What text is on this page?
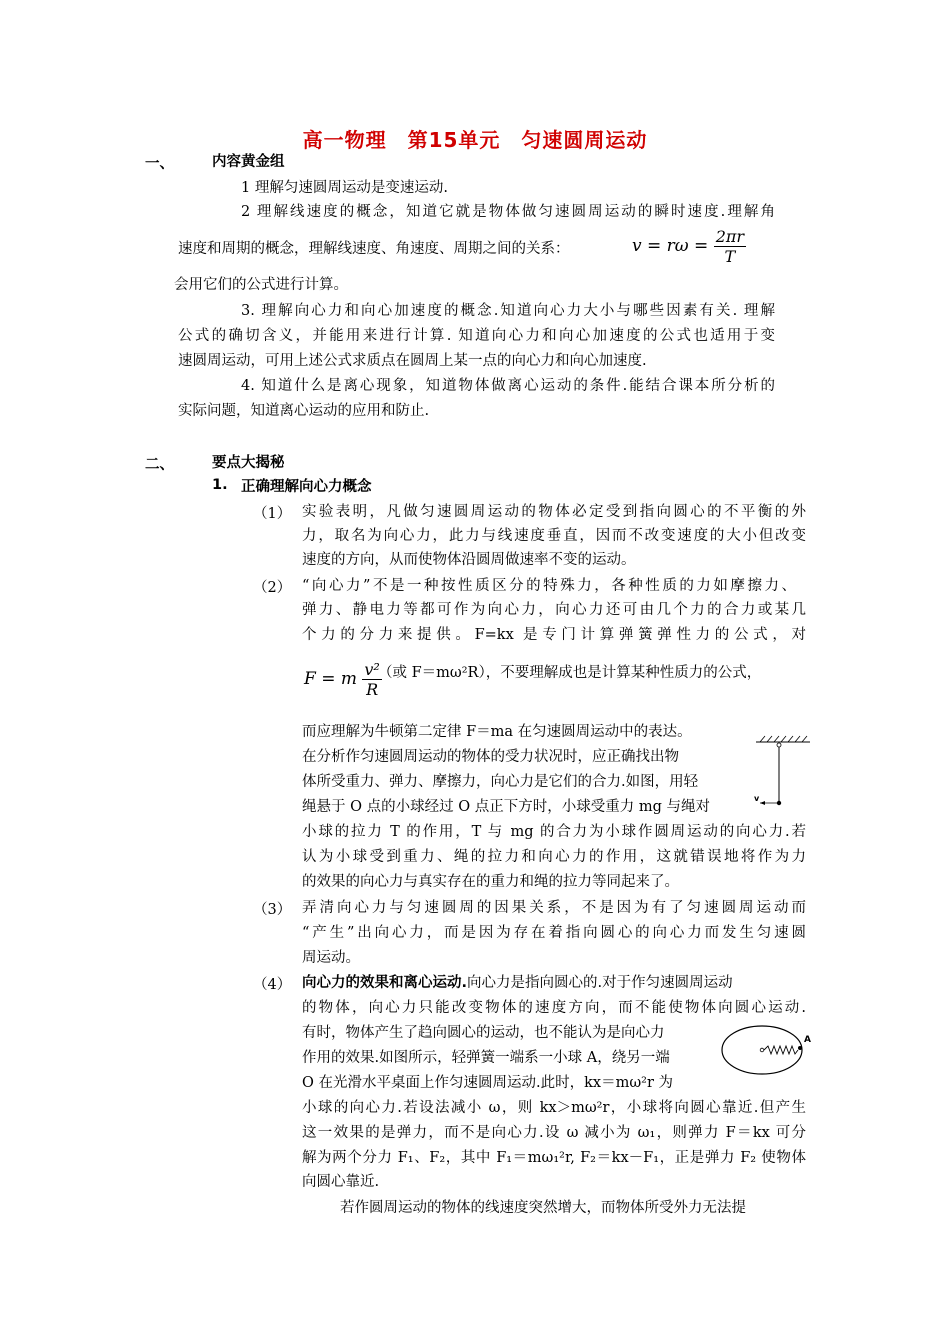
高一物理　第15单元　匀速圆周运动
一、	内容黄金组
1 理解匀速圆周运动是变速运动.
2 理解线速度的概念，知道它就是物体做匀速圆周运动的瞬时速度.理解角
速度和周期的概念，理解线速度、角速度、周期之间的关系：	$v = r\omega = \frac{2\pi r}{T}$
会用它们的公式进行计算。
3. 理解向心力和向心加速度的概念.知道向心力大小与哪些因素有关. 理解
公式的确切含义，并能用来进行计算. 知道向心力和向心加速度的公式也适用于变
速圆周运动，可用上述公式求质点在圆周上某一点的向心力和向心加速度.
4. 知道什么是离心现象，知道物体做离心运动的条件.能结合课本所分析的
实际问题，知道离心运动的应用和防止.
二、	要点大揭秘
1. 正确理解向心力概念
（1） 实验表明，凡做匀速圆周运动的物体必定受到指向圆心的不平衡的外
力，取名为向心力，此力与线速度垂直，因而不改变速度的大小但改变
速度的方向，从而使物体沿圆周做速率不变的运动。
（2） “向心力”不是一种按性质区分的特殊力，各种性质的力如摩擦力、
弹力、静电力等都可作为向心力，向心力还可由几个力的合力或某几
个力的分力来提供。F=kx 是专门计算弹簧弹性力的公式，对
F = m $\frac{\text{v²}}{R}$
（或 F＝mω²R），不要理解成也是计算某种性质力的公式，
而应理解为牛顿第二定律 F＝ma 在匀速圆周运动中的表达。
在分析作匀速圆周运动的物体的受力状况时，应正确找出物
体所受重力、弹力、摩擦力，向心力是它们的合力.如图，用轻
绳悬于 O 点的小球经过 O 点正下方时，小球受重力 mg 与绳对
小球的拉力 T 的作用，T 与 mg 的合力为小球作圆周运动的向心力.若
认为小球受到重力、绳的拉力和向心力的作用，这就错误地将作为力
的效果的向心力与真实存在的重力和绳的拉力等同起来了。
v
（3） 弄清向心力与匀速圆周的因果关系，不是因为有了匀速圆周运动而
“产生”出向心力，而是因为存在着指向圆心的向心力而发生匀速圆
周运动。
（4） 向心力的效果和离心运动.向心力是指向圆心的.对于作匀速圆周运动
的物体，向心力只能改变物体的速度方向，而不能使物体向圆心运动.
有时，物体产生了趋向圆心的运动，也不能认为是向心力
作用的效果.如图所示，轻弹簧一端系一小球 A，绕另一端
O 在光滑水平桌面上作匀速圆周运动.此时，kx＝mω²r 为
小球的向心力.若设法减小 ω，则 kx＞mω²r，小球将向圆心靠近.但产生
这一效果的是弹力，而不是向心力.设 ω 减小为 ω₁，则弹力 F＝kx 可分
解为两个分力 F₁、F₂，其中 F₁＝mω₁²r, F₂＝kx－F₁，正是弹力 F₂ 使物体
向圆心靠近.
A
若作圆周运动的物体的线速度突然增大，而物体所受外力无法提
